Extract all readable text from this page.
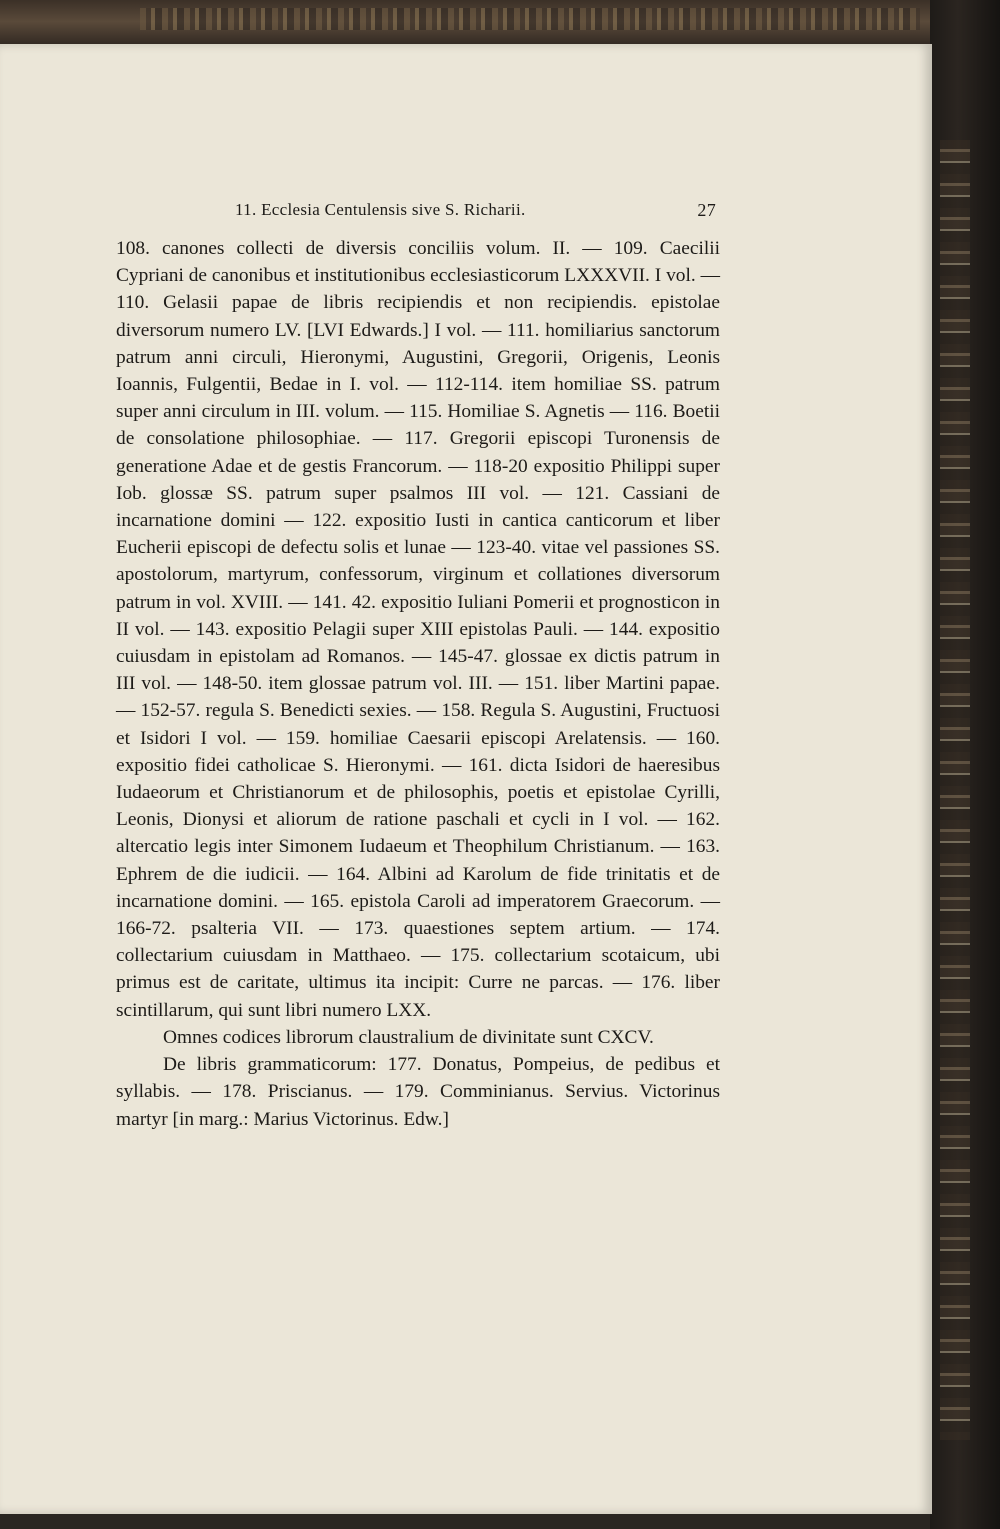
11. Ecclesia Centulensis sive S. Richarii.	27

108. canones collecti de diversis conciliis volum. II. — 109. Caecilii Cypriani de canonibus et institutionibus ecclesiasticorum LXXXVII. I vol. — 110. Gelasii papae de libris recipiendis et non recipiendis. epistolae diversorum numero LV. [LVI Edwards.] I vol. — 111. homiliarius sanctorum patrum anni circuli, Hieronymi, Augustini, Gregorii, Origenis, Leonis Ioannis, Fulgentii, Bedae in I. vol. — 112-114. item homiliae SS. patrum super anni circulum in III. volum. — 115. Homiliae S. Agnetis — 116. Boetii de consolatione philosophiae. — 117. Gregorii episcopi Turonensis de generatione Adae et de gestis Francorum. — 118-20 expositio Philippi super Iob. glossæ SS. patrum super psalmos III vol. — 121. Cassiani de incarnatione domini — 122. expositio Iusti in cantica canticorum et liber Eucherii episcopi de defectu solis et lunae — 123-40. vitae vel passiones SS. apostolorum, martyrum, confessorum, virginum et collationes diversorum patrum in vol. XVIII. — 141. 42. expositio Iuliani Pomerii et prognosticon in II vol. — 143. expositio Pelagii super XIII epistolas Pauli. — 144. expositio cuiusdam in epistolam ad Romanos. — 145-47. glossae ex dictis patrum in III vol. — 148-50. item glossae patrum vol. III. — 151. liber Martini papae. — 152-57. regula S. Benedicti sexies. — 158. Regula S. Augustini, Fructuosi et Isidori I vol. — 159. homiliae Caesarii episcopi Arelatensis. — 160. expositio fidei catholicae S. Hieronymi. — 161. dicta Isidori de haeresibus Iudaeorum et Christianorum et de philosophis, poetis et epistolae Cyrilli, Leonis, Dionysi et aliorum de ratione paschali et cycli in I vol. — 162. altercatio legis inter Simonem Iudaeum et Theophilum Christianum. — 163. Ephrem de die iudicii. — 164. Albini ad Karolum de fide trinitatis et de incarnatione domini. — 165. epistola Caroli ad imperatorem Graecorum. — 166-72. psalteria VII. — 173. quaestiones septem artium. — 174. collectarium cuiusdam in Matthaeo. — 175. collectarium scotaicum, ubi primus est de caritate, ultimus ita incipit: Curre ne parcas. — 176. liber scintillarum, qui sunt libri numero LXX.

Omnes codices librorum claustralium de divinitate sunt CXCV.

De libris grammaticorum: 177. Donatus, Pompeius, de pedibus et syllabis. — 178. Priscianus. — 179. Comminianus. Servius. Victorinus martyr [in marg.: Marius Victorinus. Edw.]
